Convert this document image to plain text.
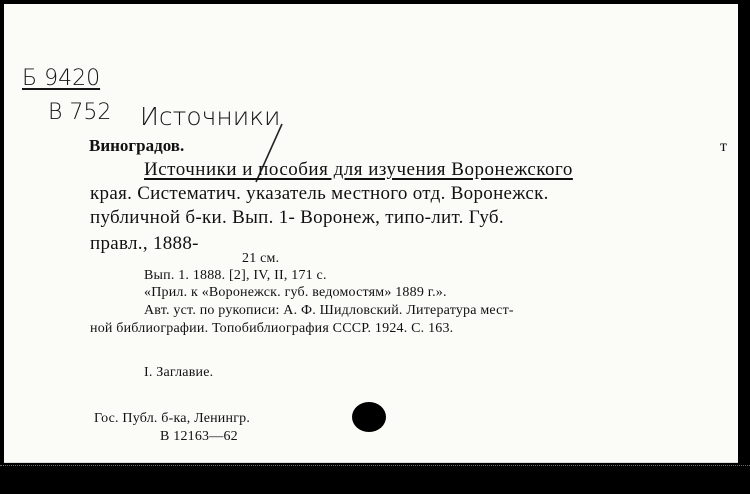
Б 9420
В 752 Источники
Виноградов.
Источники и пособия для изучения Воронежского
края. Систематич. указатель местного отд. Воронежск.
публичной б-ки. Вып. 1- Воронеж, типо-лит. Губ.
правл., 1888-
21 см.
Вып. 1. 1888. [2], IV, II, 171 с.
«Прил. к «Воронежск. губ. ведомостям» 1889 г.».
Авт. уст. по рукописи: А. Ф. Шидловский. Литература мест-
ной библиографии. Топобиблиография СССР. 1924. С. 163.
I. Заглавие.
Гос. Публ. б-ка, Ленингр.
В 12163—62
т
